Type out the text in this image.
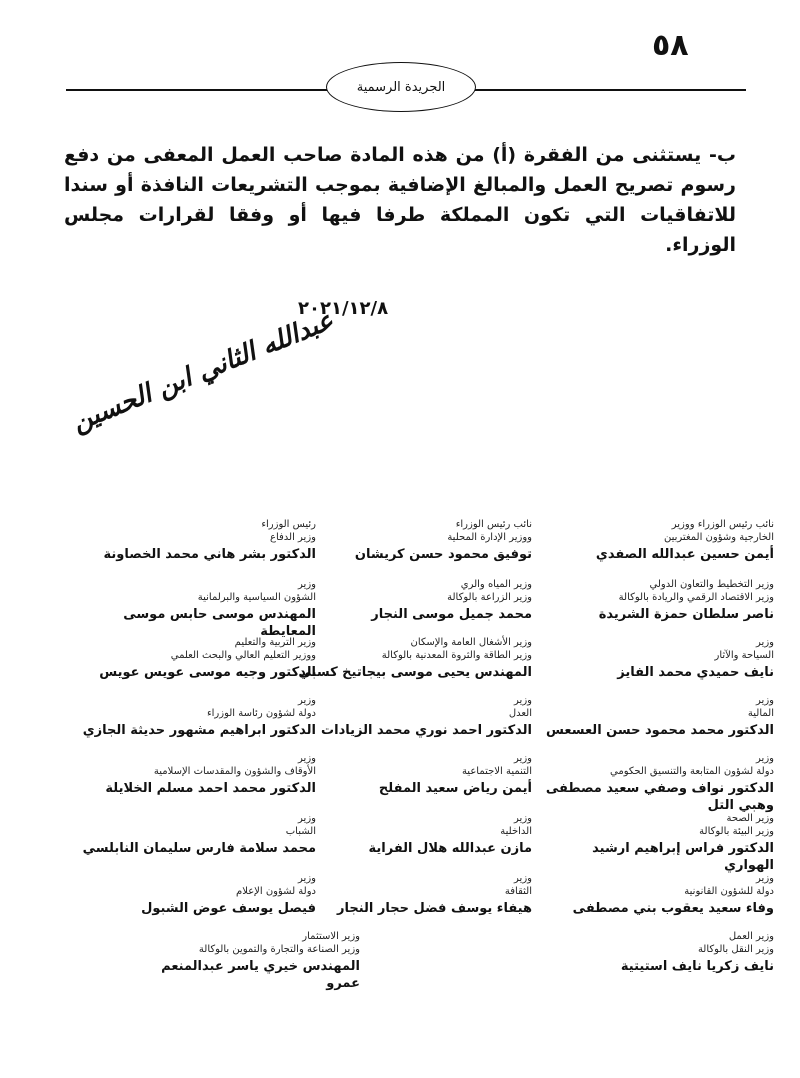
٥٨
الجريدة الرسمية
ب- يستثنى من الفقرة (أ) من هذه المادة صاحب العمل المعفى من دفع رسوم تصريح العمل والمبالغ الإضافية بموجب التشريعات النافذة أو سندا للاتفاقيات التي تكون المملكة طرفا فيها أو وفقا لقرارات مجلس الوزراء.
٢٠٢١/١٢/٨
عبدالله الثاني ابن الحسين
رئيس الوزراء
وزير الدفاع
الدكتور بشر هاني محمد الخصاونة
نائب رئيس الوزراء
ووزير الإدارة المحلية
توفيق محمود حسن كريشان
نائب رئيس الوزراء ووزير
الخارجية وشؤون المغتربين
أيمن حسين عبدالله الصفدي
وزير
الشؤون السياسية والبرلمانية
المهندس موسى حابس موسى المعايطة
وزير المياه والري
وزير الزراعة بالوكالة
محمد جميل موسى النجار
وزير التخطيط والتعاون الدولي
وزير الاقتصاد الرقمي والريادة بالوكالة
ناصر سلطان حمزة الشريدة
وزير التربية والتعليم
ووزير التعليم العالي والبحث العلمي
الدكتور وجيه موسى عويس عويس
وزير الأشغال العامة والإسكان
وزير الطاقة والثروة المعدنية بالوكالة
المهندس يحيى موسى بيجاتيخ كسبي
وزير
السياحة والآثار
نايف حميدي محمد الفايز
وزير
دولة لشؤون رئاسة الوزراء
الدكتور ابراهيم مشهور حديثة الجازي
وزير
العدل
الدكتور احمد نوري محمد الزيادات
وزير
المالية
الدكتور محمد محمود حسن العسعس
وزير
الأوقاف والشؤون والمقدسات الإسلامية
الدكتور محمد احمد مسلم الخلايلة
وزير
التنمية الاجتماعية
أيمن رياض سعيد المفلح
وزير
دولة لشؤون المتابعة والتنسيق الحكومي
الدكتور نواف وصفي سعيد مصطفى وهبي التل
وزير
الشباب
محمد سلامة فارس سليمان النابلسي
وزير
الداخلية
مازن عبدالله هلال الفراية
وزير الصحة
وزير البيئة بالوكالة
الدكتور فراس إبراهيم ارشيد الهواري
وزير
دولة لشؤون الإعلام
فيصل يوسف عوض الشبول
وزير
الثقافة
هيفاء يوسف فضل حجار النجار
وزير
دولة للشؤون القانونية
وفاء سعيد يعقوب بني مصطفى
وزير الاستثمار
وزير الصناعة والتجارة والتموين بالوكالة
المهندس خيري ياسر عبدالمنعم عمرو
وزير العمل
وزير النقل بالوكالة
نايف زكريا نايف استيتية
